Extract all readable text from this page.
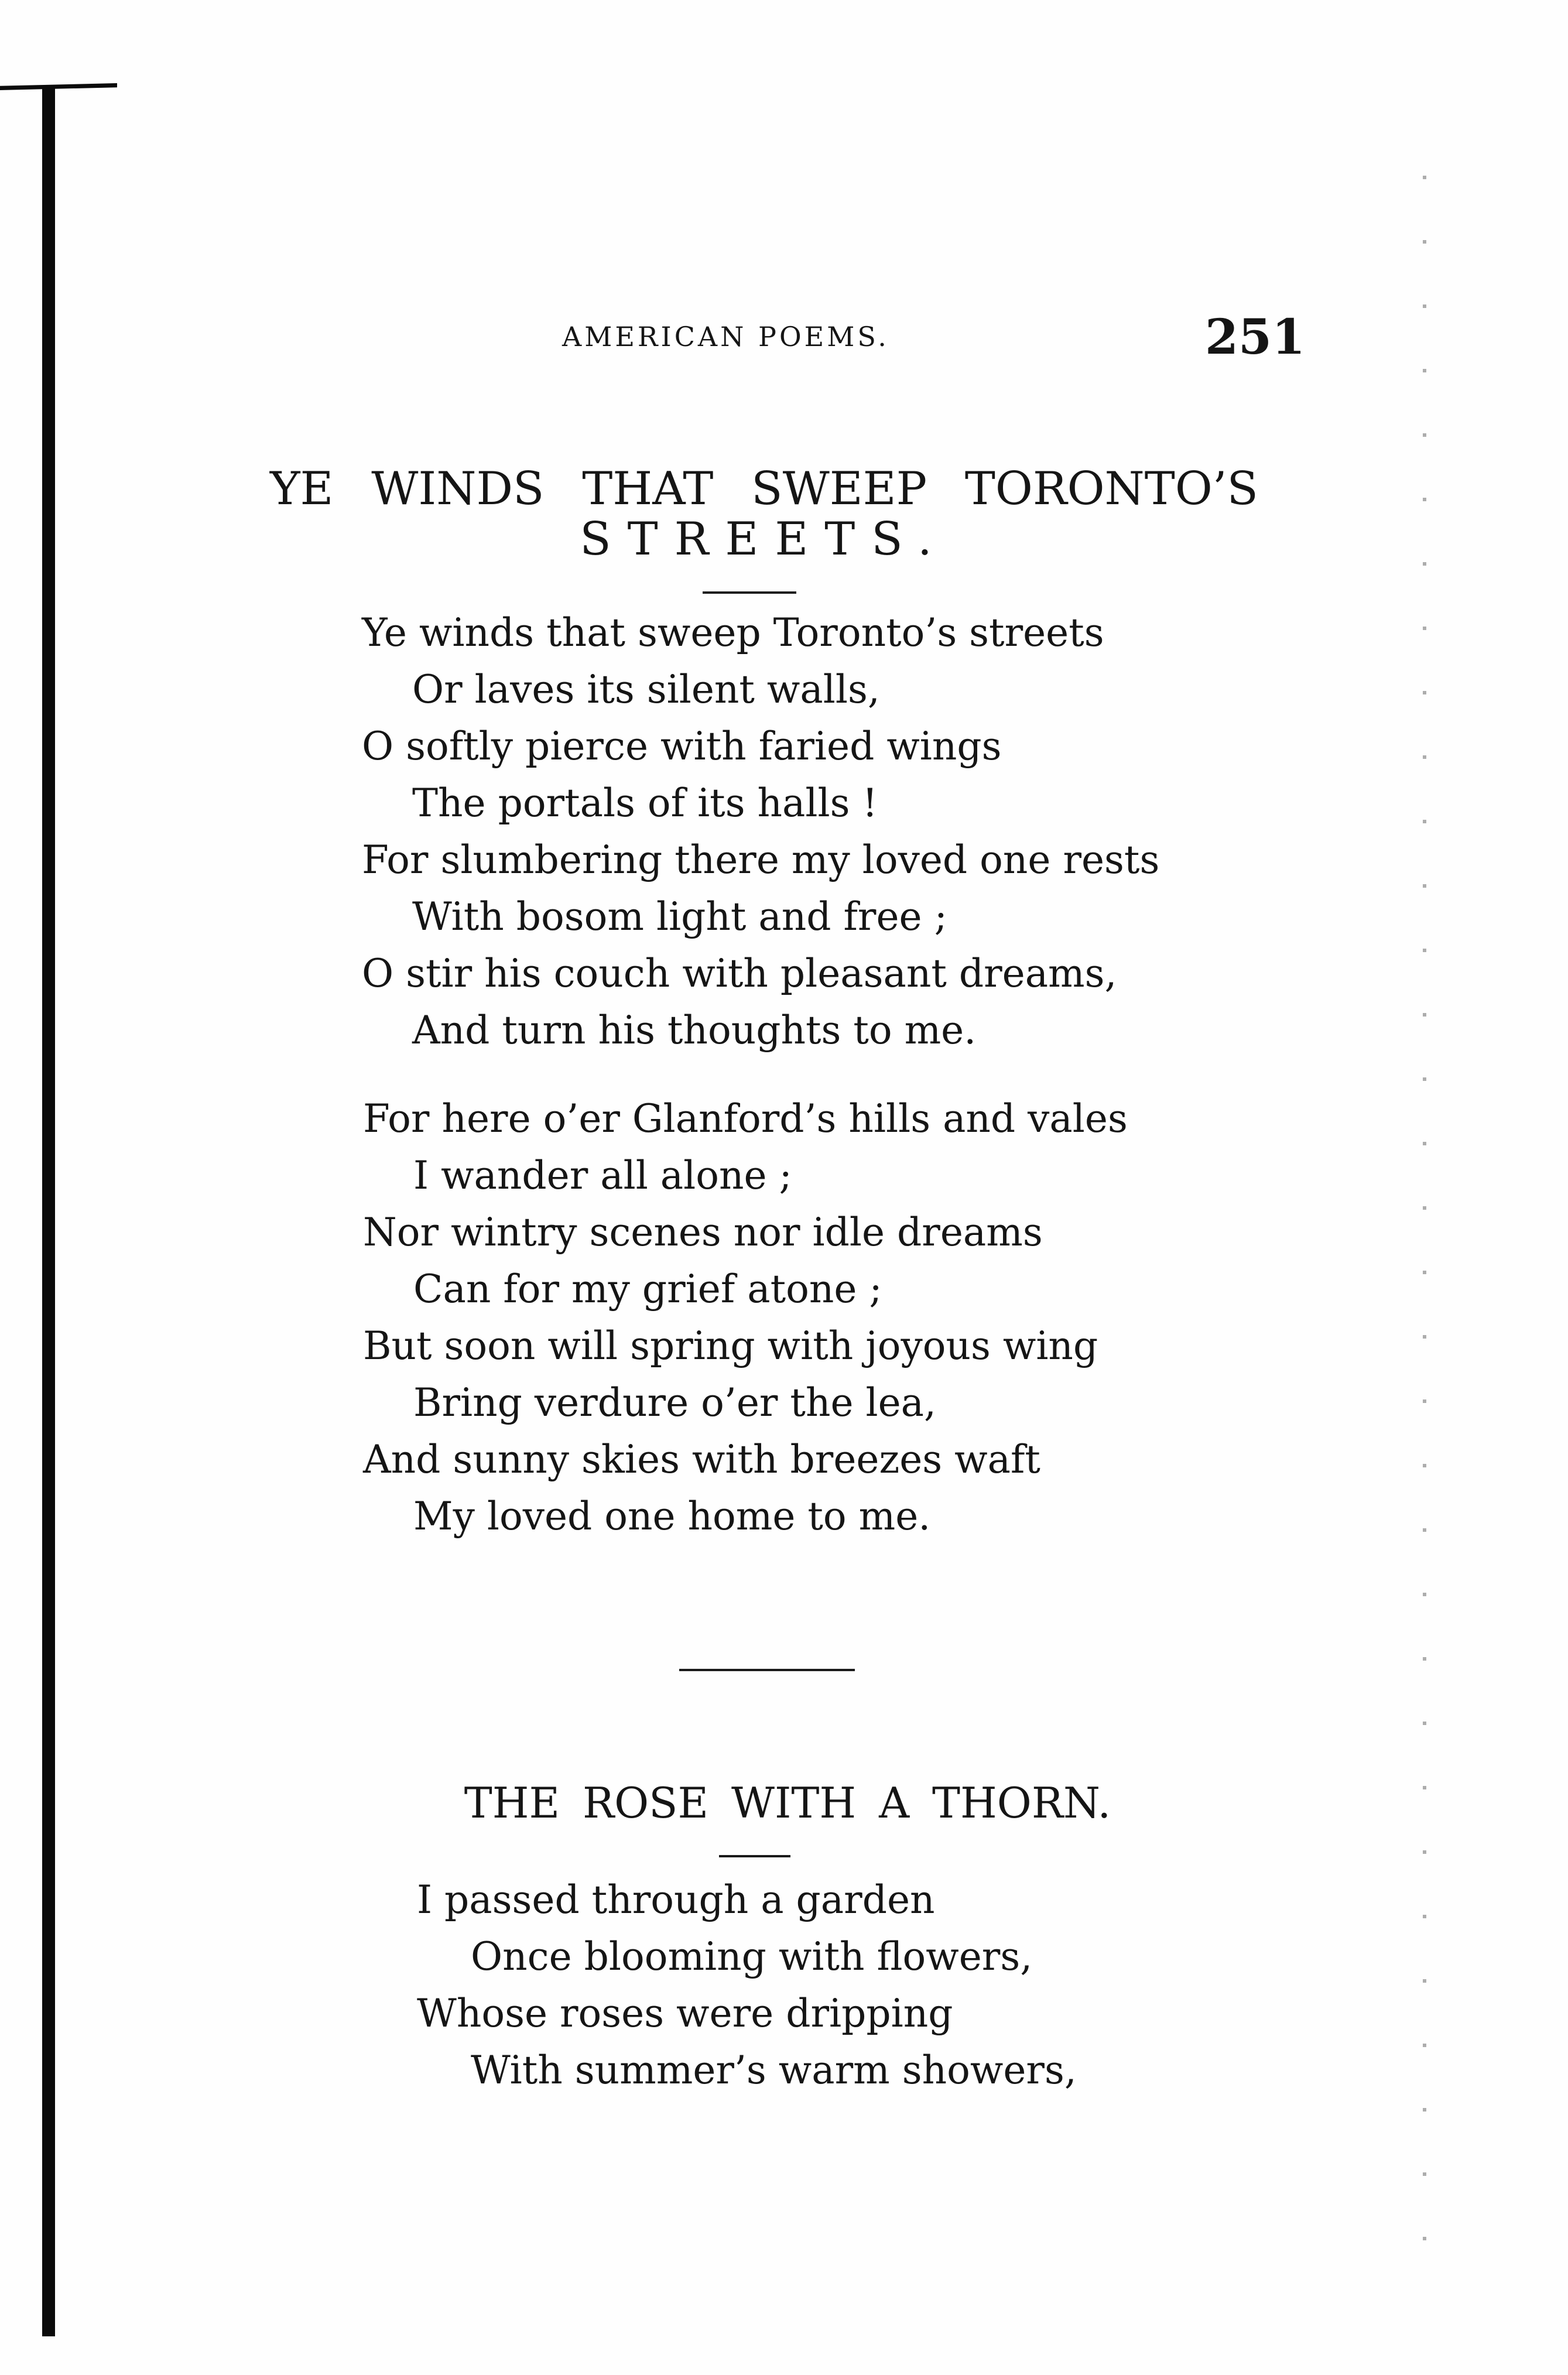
AMERICAN POEMS.	251
YE WINDS THAT SWEEP TORONTO’S
STREETS.
Ye winds that sweep Toronto’s streets
Or laves its silent walls,
O softly pierce with faried wings
The portals of its halls !
For slumbering there my loved one rests
With bosom light and free ;
O stir his couch with pleasant dreams,
And turn his thoughts to me.
For here o’er Glanford’s hills and vales
I wander all alone ;
Nor wintry scenes nor idle dreams
Can for my grief atone ;
But soon will spring with joyous wing
Bring verdure o’er the lea,
And sunny skies with breezes waft
My loved one home to me.
THE ROSE WITH A THORN.
I passed through a garden
Once blooming with flowers,
Whose roses were dripping
With summer’s warm showers,
